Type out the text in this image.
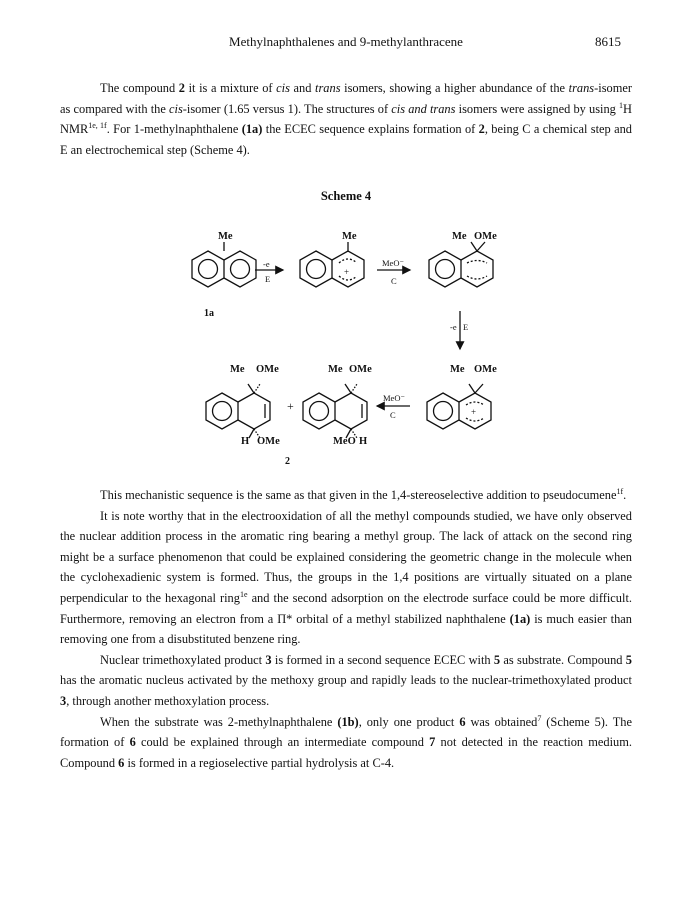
Methylnaphthalenes and 9-methylanthracene	8615

The compound 2 it is a mixture of cis and trans isomers, showing a higher abundance of the trans-isomer as compared with the cis-isomer (1.65 versus 1). The structures of cis and trans isomers were assigned by using $^1$H $NMR^{1e, 1f}$. For 1-methylnaphthalene (1a) the ECEC sequence explains formation of 2, being C a chemical step and E an electrochemical step (Scheme 4).

Scheme 4
Me	Me	Me OMe
Me OMe
Me OMe	Me OMe
H OMe	MeO H
+
+
+
-e
E
MeO⁻
C
-e E
MeO⁻
C
1a
2

This mechanistic sequence is the same as that given in the 1,4-stereoselective addition to pseudocumene$^{1f}$.

It is note worthy that in the electrooxidation of all the methyl compounds studied, we have only observed the nuclear addition process in the aromatic ring bearing a methyl group. The lack of attack on the second ring might be a surface phenomenon that could be explained considering the geometric change in the molecule when the cyclohexadienic system is formed. Thus, the groups in the 1,4 positions are virtually situated on a plane perpendicular to the hexagonal ring$^{1e}$ and the second adsorption on the electrode surface could be more difficult. Furthermore, removing an electron from a Π* orbital of a methyl stabilized naphthalene (1a) is much easier than removing one from a disubstituted benzene ring.

Nuclear trimethoxylated product 3 is formed in a second sequence ECEC with 5 as substrate. Compound 5 has the aromatic nucleus activated by the methoxy group and rapidly leads to the nuclear-trimethoxylated product 3, through another methoxylation process.

When the substrate was 2-methylnaphthalene (1b), only one product 6 was obtained$^7$ (Scheme 5). The formation of 6 could be explained through an intermediate compound 7 not detected in the reaction medium. Compound 6 is formed in a regioselective partial hydrolysis at C-4.
